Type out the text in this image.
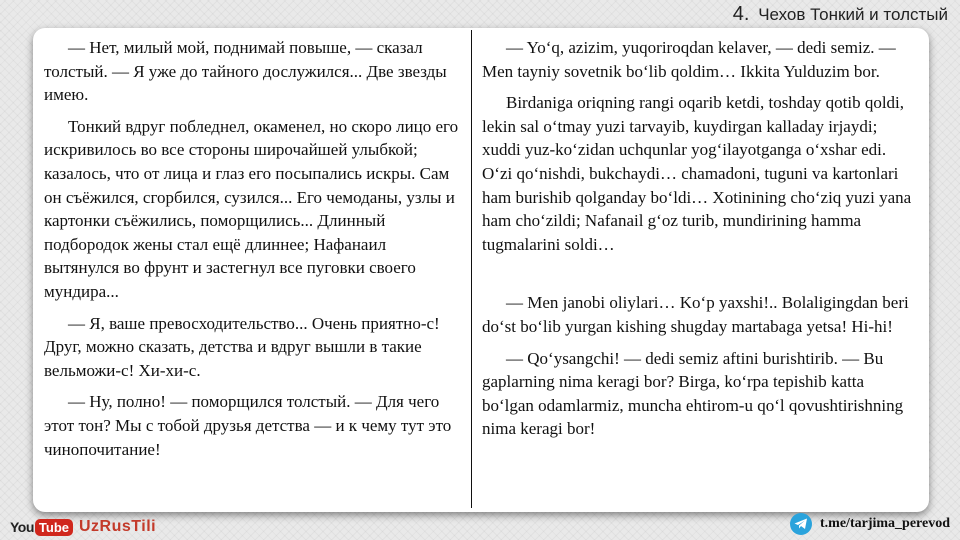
4. Чехов Тонкий и толстый

— Нет, милый мой, поднимай повыше, — сказал толстый. — Я уже до тайного дослужился... Две звезды имею.

Тонкий вдруг побледнел, окаменел, но скоро лицо его искривилось во все стороны широчайшей улыбкой; казалось, что от лица и глаз его посыпались искры. Сам он съёжился, сгорбился, сузился... Его чемоданы, узлы и картонки съёжились, поморщились... Длинный подбородок жены стал ещё длиннее; Нафанаил вытянулся во фрунт и застегнул все пуговки своего мундира...

— Я, ваше превосходительство... Очень приятно-с! Друг, можно сказать, детства и вдруг вышли в такие вельможи-с! Хи-хи-с.

— Ну, полно! — поморщился толстый. — Для чего этот тон? Мы с тобой друзья детства — и к чему тут это чинопочитание!

— Yo‘q, azizim, yuqoriroqdan kelaver, — dedi semiz. — Men tayniy sovetnik bo‘lib qoldim… Ikkita Yulduzim bor.

Birdaniga oriqning rangi oqarib ketdi, toshday qotib qoldi, lekin sal o‘tmay yuzi tarvayib, kuydirgan kalladay irjaydi; xuddi yuz-ko‘zidan uchqunlar yog‘ilayotganga o‘xshar edi. O‘zi qo‘nishdi, bukchaydi… chamadoni, tuguni va kartonlari ham burishib qolganday bo‘ldi… Xotinining cho‘ziq yuzi yana ham cho‘zildi; Nafanail g‘oz turib, mundirining hamma tugmalarini soldi…

— Men janobi oliylari… Ko‘p yaxshi!.. Bolaligingdan beri do‘st bo‘lib yurgan kishing shugday martabaga yetsa! Hi-hi!

— Qo‘ysangchi! — dedi semiz aftini burishtirib. — Bu gaplarning nima keragi bor? Birga, ko‘rpa tepishib katta bo‘lgan odamlarmiz, muncha ehtirom-u qo‘l qovushtirishning nima keragi bor!

You Tube UzRusTili	t.me/tarjima_perevod
